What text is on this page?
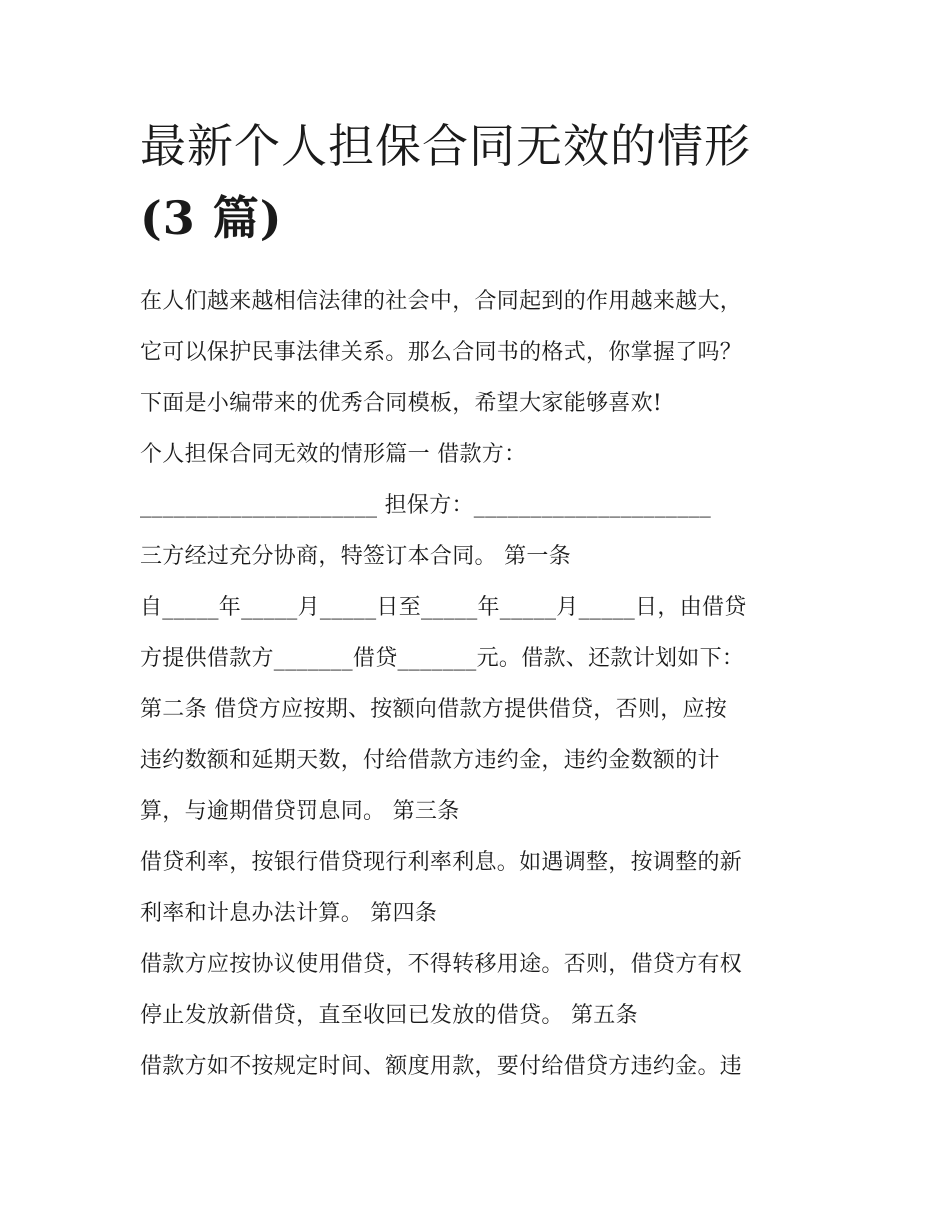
最新个人担保合同无效的情形
(3 篇)

在人们越来越相信法律的社会中，合同起到的作用越来越大，

它可以保护民事法律关系。那么合同书的格式，你掌握了吗？

下面是小编带来的优秀合同模板，希望大家能够喜欢!

个人担保合同无效的情形篇一 借款方：

_____________________ 担保方：_____________________

三方经过充分协商，特签订本合同。 第一条

自_____年_____月_____日至_____年_____月_____日，由借贷

方提供借款方_______借贷_______元。借款、还款计划如下：

第二条 借贷方应按期、按额向借款方提供借贷，否则，应按

违约数额和延期天数，付给借款方违约金，违约金数额的计

算，与逾期借贷罚息同。 第三条

借贷利率，按银行借贷现行利率利息。如遇调整，按调整的新

利率和计息办法计算。 第四条

借款方应按协议使用借贷，不得转移用途。否则，借贷方有权

停止发放新借贷，直至收回已发放的借贷。 第五条

借款方如不按规定时间、额度用款，要付给借贷方违约金。违
